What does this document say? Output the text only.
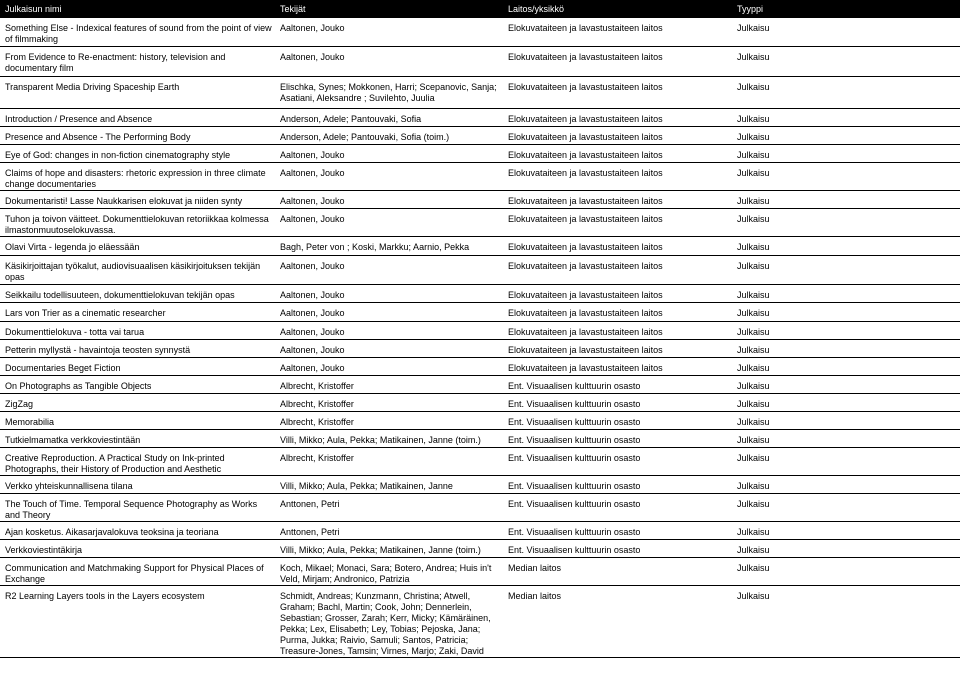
Julkaisun nimi	Tekijät	Laitos/yksikkö	Tyyppi
Something Else - Indexical features of sound from the point of view of filmmaking	Aaltonen, Jouko	Elokuvataiteen ja lavastustaiteen laitos	Julkaisu
From Evidence to Re-enactment: history, television and documentary film	Aaltonen, Jouko	Elokuvataiteen ja lavastustaiteen laitos	Julkaisu
Transparent Media Driving Spaceship Earth	Elischka, Synes; Mokkonen, Harri; Scepanovic, Sanja; Asatiani, Aleksandre ; Suvilehto, Juulia	Elokuvataiteen ja lavastustaiteen laitos	Julkaisu
Introduction / Presence and Absence	Anderson, Adele; Pantouvaki, Sofia	Elokuvataiteen ja lavastustaiteen laitos	Julkaisu
Presence and Absence - The Performing Body	Anderson, Adele; Pantouvaki, Sofia (toim.)	Elokuvataiteen ja lavastustaiteen laitos	Julkaisu
Eye of God: changes in non-fiction cinematography style	Aaltonen, Jouko	Elokuvataiteen ja lavastustaiteen laitos	Julkaisu
Claims of hope and disasters: rhetoric expression in three climate change documentaries	Aaltonen, Jouko	Elokuvataiteen ja lavastustaiteen laitos	Julkaisu
Dokumentaristi! Lasse Naukkarisen elokuvat ja niiden synty	Aaltonen, Jouko	Elokuvataiteen ja lavastustaiteen laitos	Julkaisu
Tuhon ja toivon väitteet. Dokumenttielokuvan retoriikkaa kolmessa ilmastonmuutoselokuvassa.	Aaltonen, Jouko	Elokuvataiteen ja lavastustaiteen laitos	Julkaisu
Olavi Virta - legenda jo eläessään	Bagh, Peter von ; Koski, Markku; Aarnio, Pekka	Elokuvataiteen ja lavastustaiteen laitos	Julkaisu
Käsikirjoittajan työkalut, audiovisuaalisen käsikirjoituksen tekijän opas	Aaltonen, Jouko	Elokuvataiteen ja lavastustaiteen laitos	Julkaisu
Seikkailu todellisuuteen, dokumenttielokuvan tekijän opas	Aaltonen, Jouko	Elokuvataiteen ja lavastustaiteen laitos	Julkaisu
Lars von Trier as a cinematic researcher	Aaltonen, Jouko	Elokuvataiteen ja lavastustaiteen laitos	Julkaisu
Dokumenttielokuva - totta vai tarua	Aaltonen, Jouko	Elokuvataiteen ja lavastustaiteen laitos	Julkaisu
Petterin myllystä - havaintoja teosten synnystä	Aaltonen, Jouko	Elokuvataiteen ja lavastustaiteen laitos	Julkaisu
Documentaries Beget Fiction	Aaltonen, Jouko	Elokuvataiteen ja lavastustaiteen laitos	Julkaisu
On Photographs as Tangible Objects	Albrecht, Kristoffer	Ent. Visuaalisen kulttuurin osasto	Julkaisu
ZigZag	Albrecht, Kristoffer	Ent. Visuaalisen kulttuurin osasto	Julkaisu
Memorabilia	Albrecht, Kristoffer	Ent. Visuaalisen kulttuurin osasto	Julkaisu
Tutkielmamatka verkkoviestintään	Villi, Mikko; Aula, Pekka; Matikainen, Janne (toim.)	Ent. Visuaalisen kulttuurin osasto	Julkaisu
Creative Reproduction. A Practical Study on Ink-printed Photographs, their History of Production and Aesthetic	Albrecht, Kristoffer	Ent. Visuaalisen kulttuurin osasto	Julkaisu
Verkko yhteiskunnallisena tilana	Villi, Mikko; Aula, Pekka; Matikainen, Janne	Ent. Visuaalisen kulttuurin osasto	Julkaisu
The Touch of Time. Temporal Sequence Photography as Works and Theory	Anttonen, Petri	Ent. Visuaalisen kulttuurin osasto	Julkaisu
Ajan kosketus. Aikasarjavalokuva teoksina ja teoriana	Anttonen, Petri	Ent. Visuaalisen kulttuurin osasto	Julkaisu
Verkkoviestintäkirja	Villi, Mikko; Aula, Pekka; Matikainen, Janne (toim.)	Ent. Visuaalisen kulttuurin osasto	Julkaisu
Communication and Matchmaking Support for Physical Places of Exchange	Koch, Mikael; Monaci, Sara; Botero, Andrea; Huis in't Veld, Mirjam; Andronico, Patrizia	Median laitos	Julkaisu
R2 Learning Layers tools in the Layers ecosystem	Schmidt, Andreas; Kunzmann, Christina; Atwell, Graham; Bachl, Martin; Cook, John; Dennerlein, Sebastian; Grosser, Zarah; Kerr, Micky; Kämäräinen, Pekka; Lex, Elisabeth; Ley, Tobias; Pejoska, Jana; Purma, Jukka; Raivio, Samuli; Santos, Patricia; Treasure-Jones, Tamsin; Virnes, Marjo; Zaki, David	Median laitos	Julkaisu
